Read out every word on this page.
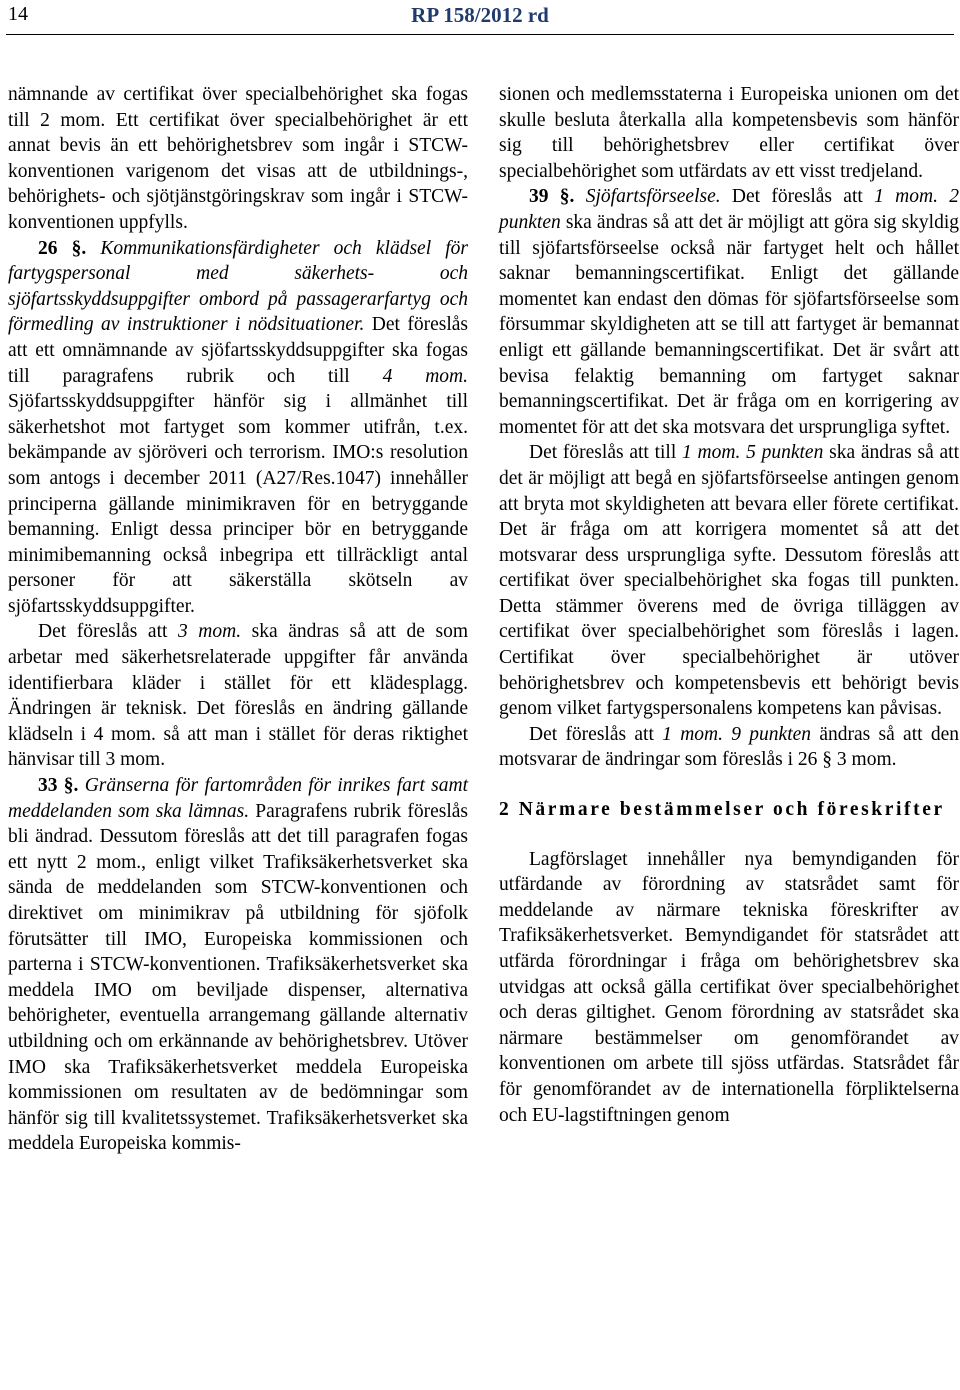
14	RP 158/2012 rd

nämnande av certifikat över specialbehörighet ska fogas till 2 mom. Ett certifikat över specialbehörighet är ett annat bevis än ett behörighetsbrev som ingår i STCW-konventionen varigenom det visas att de utbildnings-, behörighets- och sjötjänstgöringskrav som ingår i STCW-konventionen uppfylls.

26 §. Kommunikationsfärdigheter och klädsel för fartygspersonal med säkerhets- och sjöfartsskyddsuppgifter ombord på passagerarfartyg och förmedling av instruktioner i nödsituationer. Det föreslås att ett omnämnande av sjöfartsskyddsuppgifter ska fogas till paragrafens rubrik och till 4 mom. Sjöfartsskyddsuppgifter hänför sig i allmänhet till säkerhetshot mot fartyget som kommer utifrån, t.ex. bekämpande av sjöröveri och terrorism. IMO:s resolution som antogs i december 2011 (A27/Res.1047) innehåller principerna gällande minimikraven för en betryggande bemanning. Enligt dessa principer bör en betryggande minimibemanning också inbegripa ett tillräckligt antal personer för att säkerställa skötseln av sjöfartsskyddsuppgifter.

Det föreslås att 3 mom. ska ändras så att de som arbetar med säkerhetsrelaterade uppgifter får använda identifierbara kläder i stället för ett klädesplagg. Ändringen är teknisk. Det föreslås en ändring gällande klädseln i 4 mom. så att man i stället för deras riktighet hänvisar till 3 mom.

33 §. Gränserna för fartområden för inrikes fart samt meddelanden som ska lämnas. Paragrafens rubrik föreslås bli ändrad. Dessutom föreslås att det till paragrafen fogas ett nytt 2 mom., enligt vilket Trafiksäkerhetsverket ska sända de meddelanden som STCW-konventionen och direktivet om minimikrav på utbildning för sjöfolk förutsätter till IMO, Europeiska kommissionen och parterna i STCW-konventionen. Trafiksäkerhetsverket ska meddela IMO om beviljade dispenser, alternativa behörigheter, eventuella arrangemang gällande alternativ utbildning och om erkännande av behörighetsbrev. Utöver IMO ska Trafiksäkerhetsverket meddela Europeiska kommissionen om resultaten av de bedömningar som hänför sig till kvalitetssystemet. Trafiksäkerhetsverket ska meddela Europeiska kommis-

sionen och medlemsstaterna i Europeiska unionen om det skulle besluta återkalla alla kompetensbevis som hänför sig till behörighetsbrev eller certifikat över specialbehörighet som utfärdats av ett visst tredjeland.

39 §. Sjöfartsförseelse. Det föreslås att 1 mom. 2 punkten ska ändras så att det är möjligt att göra sig skyldig till sjöfartsförseelse också när fartyget helt och hållet saknar bemanningscertifikat. Enligt det gällande momentet kan endast den dömas för sjöfartsförseelse som försummar skyldigheten att se till att fartyget är bemannat enligt ett gällande bemanningscertifikat. Det är svårt att bevisa felaktig bemanning om fartyget saknar bemanningscertifikat. Det är fråga om en korrigering av momentet för att det ska motsvara det ursprungliga syftet.

Det föreslås att till 1 mom. 5 punkten ska ändras så att det är möjligt att begå en sjöfartsförseelse antingen genom att bryta mot skyldigheten att bevara eller förete certifikat. Det är fråga om att korrigera momentet så att det motsvarar dess ursprungliga syfte. Dessutom föreslås att certifikat över specialbehörighet ska fogas till punkten. Detta stämmer överens med de övriga tilläggen av certifikat över specialbehörighet som föreslås i lagen. Certifikat över specialbehörighet är utöver behörighetsbrev och kompetensbevis ett behörigt bevis genom vilket fartygspersonalens kompetens kan påvisas.

Det föreslås att 1 mom. 9 punkten ändras så att den motsvarar de ändringar som föreslås i 26 § 3 mom.

2 Närmare bestämmelser och föreskrifter

Lagförslaget innehåller nya bemyndiganden för utfärdande av förordning av statsrådet samt för meddelande av närmare tekniska föreskrifter av Trafiksäkerhetsverket. Bemyndigandet för statsrådet att utfärda förordningar i fråga om behörighetsbrev ska utvidgas att också gälla certifikat över specialbehörighet och deras giltighet. Genom förordning av statsrådet ska närmare bestämmelser om genomförandet av konventionen om arbete till sjöss utfärdas. Statsrådet får för genomförandet av de internationella förpliktelserna och EU-lagstiftningen genom
